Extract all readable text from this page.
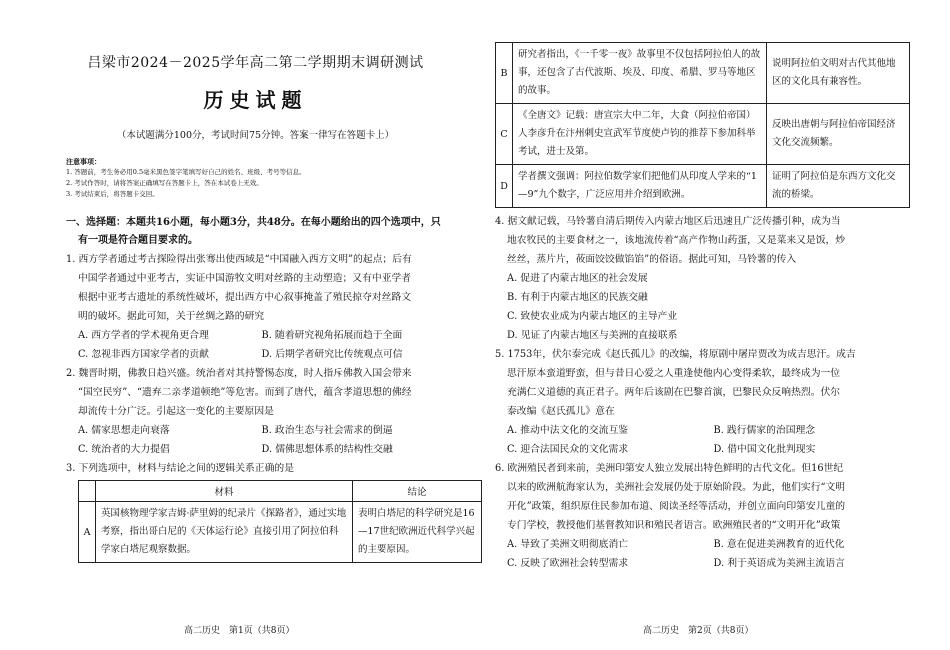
吕梁市2024－2025学年高二第二学期期末调研测试
历史试题
（本试题满分100分，考试时间75分钟。答案一律写在答题卡上）
注意事项：
1. 答题前，考生务必用0.5毫米黑色签字笔填写好自己的姓名、班级、考号等信息。
2. 考试作答时，请将答案正确填写在答题卡上，答在本试卷上无效。
3. 考试结束后，将答题卡交回。

一、选择题：本题共16小题，每小题3分，共48分。在每小题给出的四个选项中，只

有一项是符合题目要求的。

1. 西方学者通过考古探险得出张骞出使西域是“中国融入西方文明”的起点；后有

中国学者通过中亚考古，实证中国游牧文明对丝路的主动塑造；又有中亚学者

根据中亚考古遗址的系统性破坏，提出西方中心叙事掩盖了殖民掠夺对丝路文

明的破坏。据此可知，关于丝绸之路的研究

A. 西方学者的学术视角更合理	B. 随着研究视角拓展而趋于全面
C. 忽视非西方国家学者的贡献	D. 后期学者研究比传统观点可信

2. 魏晋时期，佛教日趋兴盛。统治者对其持警惕态度，时人指斥佛教入国会带来

“国空民穷”、“遗弃二亲孝道顿绝”等危害。而到了唐代，蕴含孝道思想的佛经

却流传十分广泛。引起这一变化的主要原因是

A. 儒家思想走向衰落	B. 政治生态与社会需求的倒逼
C. 统治者的大力提倡	D. 儒佛思想体系的结构性交融

3. 下列选项中，材料与结论之间的逻辑关系正确的是

	材料	结论
A	英国核物理学家吉姆·萨里姆的纪录片《探路者》，通过实地考察，指出哥白尼的《天体运行论》直接引用了阿拉伯科学家白塔尼观察数据。	表明白塔尼的科学研究是16—17世纪欧洲近代科学兴起的主要原因。
高二历史　第1页（共8页）
B	研究者指出，《一千零一夜》故事里不仅包括阿拉伯人的故事，还包含了古代波斯、埃及、印度、希腊、罗马等地区的故事。	说明阿拉伯文明对古代其他地区的文化具有兼容性。
C	《全唐文》记载：唐宣宗大中二年，大食（阿拉伯帝国）人李彦升在汴州刺史宣武军节度使卢钧的推荐下参加科举考试，进士及第。	反映出唐朝与阿拉伯帝国经济文化交流频繁。
D	学者撰文强调：阿拉伯数学家们把他们从印度人学来的“1—9”九个数字，广泛应用并介绍到欧洲。	证明了阿拉伯是东西方文化交流的桥梁。

4. 据文献记载，马铃薯自清后期传入内蒙古地区后迅速且广泛传播引种，成为当

地农牧民的主要食材之一，该地流传着“高产作物山药蛋，又是菜来又是饭，炒

丝丝，蒸片片，莜面饺饺做馅馅”的俗语。据此可知，马铃薯的传入

A. 促进了内蒙古地区的社会发展

B. 有利于内蒙古地区的民族交融

C. 致使农业成为内蒙古地区的主导产业

D. 见证了内蒙古地区与美洲的直接联系

5. 1753年，伏尔泰完成《赵氏孤儿》的改编，将原剧中屠岸贾改为成吉思汗。成吉

思汗原本蛮道野蛮，但与昔日心爱之人重逢使他内心变得柔软，最终成为一位

充满仁义道德的真正君子。两年后该剧在巴黎首演，巴黎民众反响热烈。伏尔

泰改编《赵氏孤儿》意在

A. 推动中法文化的交流互鉴	B. 践行儒家的治国理念
C. 迎合法国民众的文化需求	D. 借中国文化批判现实

6. 欧洲殖民者到来前，美洲印第安人独立发展出特色鲜明的古代文化。但16世纪

以来的欧洲航海家认为，美洲社会发展仍处于原始阶段。为此，他们实行“文明

开化”政策，组织原住民参加布道、阅读圣经等活动，并创立面向印第安儿童的

专门学校，教授他们基督教知识和殖民者语言。欧洲殖民者的“文明开化”政策

A. 导致了美洲文明彻底消亡	B. 意在促进美洲教育的近代化
C. 反映了欧洲社会转型需求	D. 利于英语成为美洲主流语言
高二历史　第2页（共8页）
